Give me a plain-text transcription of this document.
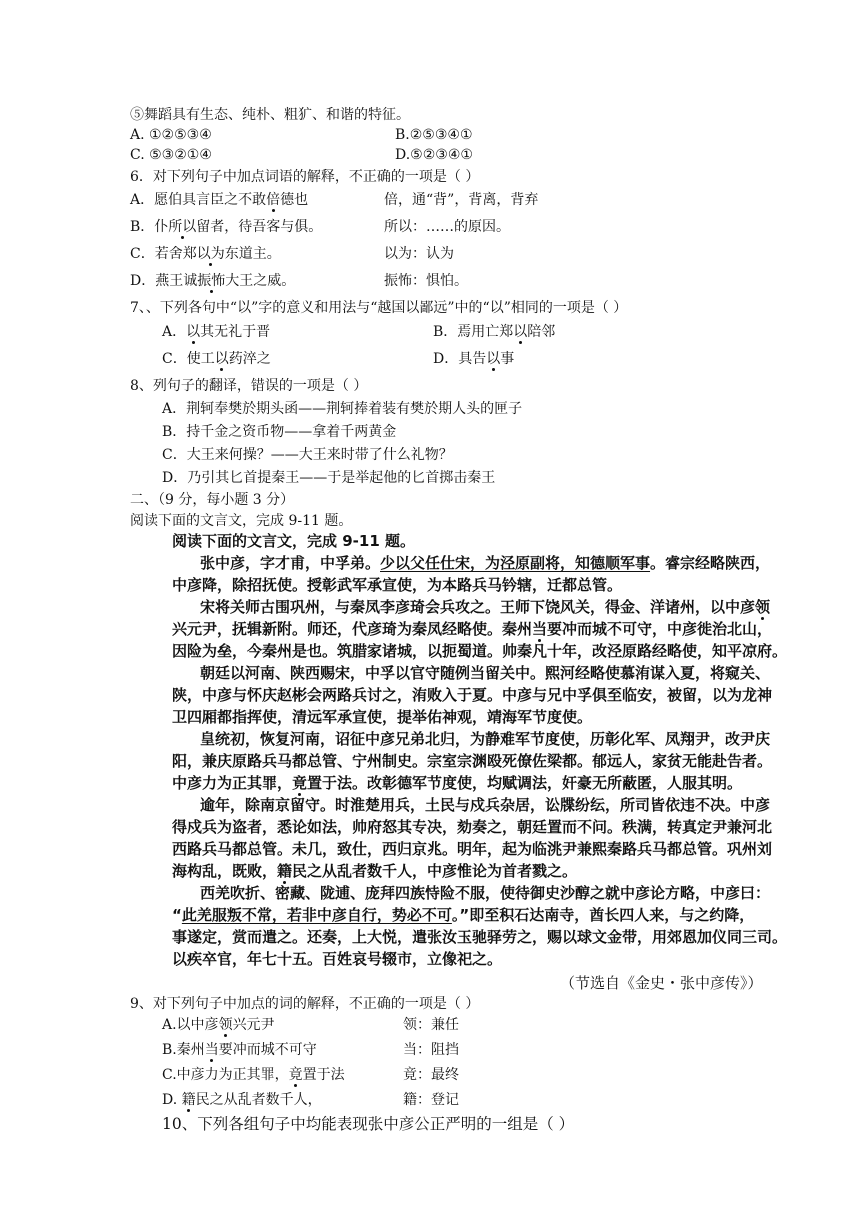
⑤舞蹈具有生态、纯朴、粗犷、和谐的特征。
A. ①②⑤③④	B.②⑤③④①
C. ⑤③②①④	D.⑤②③④①
6．对下列句子中加点词语的解释，不正确的一项是（ ）
A．愿伯具言臣之不敢倍德也	倍，通“背”，背离，背弃
B．仆所以留者，待吾客与俱。	所以：……的原因。
C．若舍郑以为东道主。	以为：认为
D．燕王诚振怖大王之威。	振怖：惧怕。
7、、下列各句中“以”字的意义和用法与“越国以鄙远”中的“以”相同的一项是（ ）
A．以其无礼于晋	B．焉用亡郑以陪邻
C．使工以药淬之	D．具告以事
8、列句子的翻译，错误的一项是（ ）
A．荆轲奉樊於期头函——荆轲捧着装有樊於期人头的匣子
B．持千金之资币物——拿着千两黄金
C．大王来何操？——大王来时带了什么礼物？
D．乃引其匕首提秦王——于是举起他的匕首掷击秦王
二、（9 分，每小题 3 分）
阅读下面的文言文，完成 9-11 题。
阅读下面的文言文，完成 9-11 题。
张中彦，字才甫，中孚弟。少以父任仕宋，为泾原副将，知德顺军事。睿宗经略陕西，
中彦降，除招抚使。授彰武军承宣使，为本路兵马钤辖，迁都总管。
宋将关师古围巩州，与秦凤李彦琦会兵攻之。王师下饶风关，得金、洋诸州，以中彦领
兴元尹，抚辑新附。师还，代彦琦为秦凤经略使。秦州当要冲而城不可守，中彦徙治北山，
因险为垒，今秦州是也。筑腊家诸城，以扼蜀道。帅秦凡十年，改泾原路经略使，知平凉府。
朝廷以河南、陕西赐宋，中孚以官守随例当留关中。熙河经略使慕洧谋入夏，将窥关、
陕，中彦与怀庆赵彬会两路兵讨之，洧败入于夏。中彦与兄中孚俱至临安，被留，以为龙神
卫四厢都指挥使，清远军承宣使，提举佑神观，靖海军节度使。
皇统初，恢复河南，诏征中彦兄弟北归，为静难军节度使，历彰化军、凤翔尹，改尹庆
阳，兼庆原路兵马都总管、宁州制史。宗室宗渊殴死僚佐梁都。郁远人，家贫无能赴告者。
中彦力为正其罪，竟置于法。改彰德军节度使，均赋调法，奸豪无所蔽匿，人服其明。
逾年，除南京留守。时淮楚用兵，土民与戍兵杂居，讼牒纷纭，所司皆依违不决。中彦
得戍兵为盗者，悉论如法，帅府怒其专决，劾奏之，朝廷置而不问。秩满，转真定尹兼河北
西路兵马都总管。未几，致仕，西归京兆。明年，起为临洮尹兼熙秦路兵马都总管。巩州刘
海构乱，既败，籍民之从乱者数千人，中彦惟论为首者戮之。
西羌吹折、密藏、陇逋、庞拜四族恃险不服，使待御史沙醇之就中彦论方略，中彦曰：
“此羌服叛不常，若非中彦自行，势必不可。”即至积石达南寺，酋长四人来，与之约降，
事遂定，赏而遣之。还奏，上大悦，遣张汝玉驰驿劳之，赐以球文金带，用郊恩加仪同三司。
以疾卒官，年七十五。百姓哀号辍市，立像祀之。
（节选自《金史・张中彦传》）
9、对下列句子中加点的词的解释，不正确的一项是（ ）
A.以中彦领兴元尹	领：兼任
B.秦州当要冲而城不可守	当：阻挡
C.中彦力为正其罪，竟置于法	竟：最终
D. 籍民之从乱者数千人，	籍：登记
10、下列各组句子中均能表现张中彦公正严明的一组是（ ）
